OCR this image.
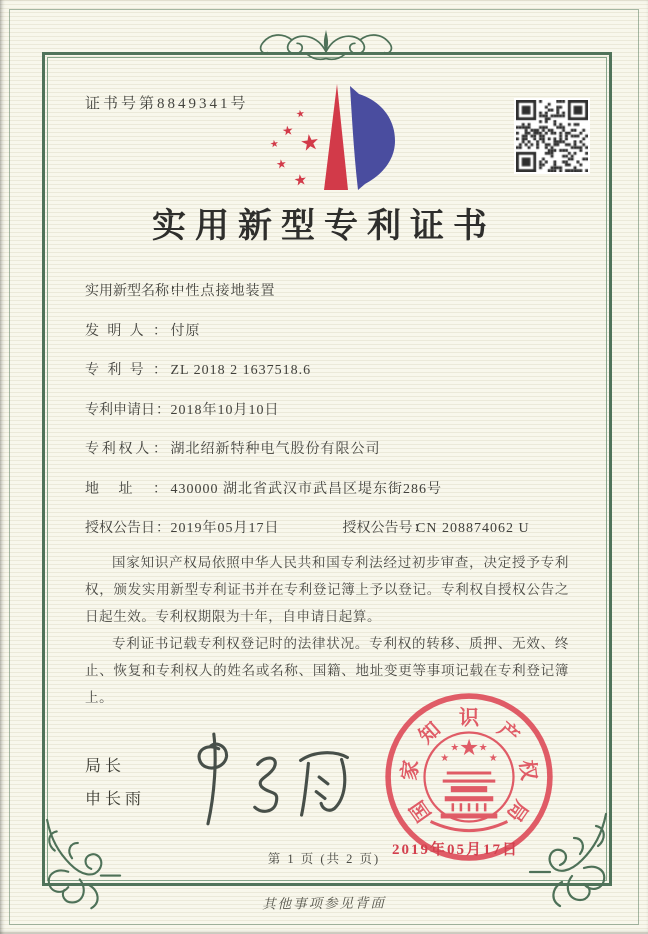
证书号第8849341号
★
★
★ ★
★
★
实用新型专利证书
实用新型名称 ： 中性点接地装置
发明人 ： 付原
专利号 ： ZL 2018 2 1637518.6
专利申请日 ： 2018年10月10日
专利权人 ： 湖北绍新特种电气股份有限公司
地址 ： 430000 湖北省武汉市武昌区堤东街286号
授权公告日 ： 2019年05月17日	授权公告号 ： CN 208874062 U

国家知识产权局依照中华人民共和国专利法经过初步审查，决定授予专利权，颁发实用新型专利证书并在专利登记簿上予以登记。专利权自授权公告之日起生效。专利权期限为十年，自申请日起算。

专利证书记载专利权登记时的法律状况。专利权的转移、质押、无效、终止、恢复和专利权人的姓名或名称、国籍、地址变更等事项记载在专利登记簿上。

局长
申长雨	国
家
知 识 产
权
局
★
★
★ ★
★
2019年05月17日
第 1 页 (共 2 页)
其他事项参见背面
